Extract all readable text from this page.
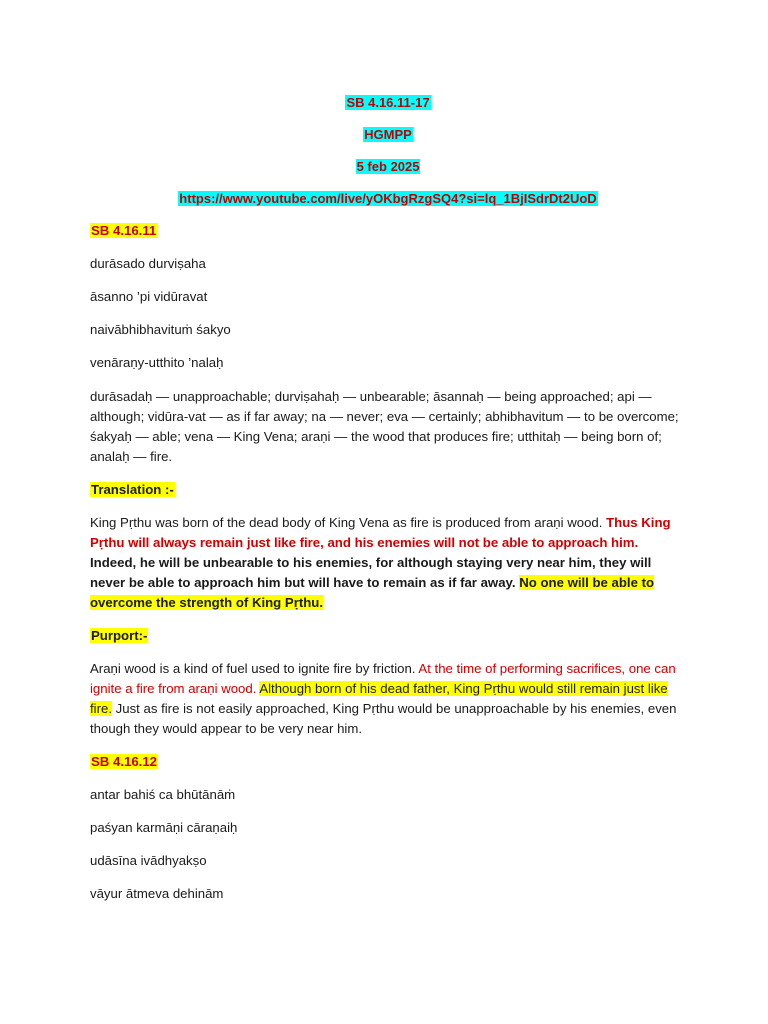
SB 4.16.11-17

HGMPP

5 feb 2025

https://www.youtube.com/live/yOKbgRzgSQ4?si=lq_1BjISdrDt2UoD

SB 4.16.11

durāsado durviṣaha

āsanno ’pi vidūravat

naivābhibhavituṁ śakyo

venāraṇy-utthito ’nalaḥ

durāsadaḥ — unapproachable; durviṣahaḥ — unbearable; āsannaḥ — being approached; api — although; vidūra-vat — as if far away; na — never; eva — certainly; abhibhavitum — to be overcome; śakyaḥ — able; vena — King Vena; araṇi — the wood that produces fire; utthitaḥ — being born of; analaḥ — fire.

Translation :-

King Pṛthu was born of the dead body of King Vena as fire is produced from araṇi wood. Thus King Pṛthu will always remain just like fire, and his enemies will not be able to approach him. Indeed, he will be unbearable to his enemies, for although staying very near him, they will never be able to approach him but will have to remain as if far away. No one will be able to overcome the strength of King Pṛthu.

Purport:-

Araṇi wood is a kind of fuel used to ignite fire by friction. At the time of performing sacrifices, one can ignite a fire from araṇi wood. Although born of his dead father, King Pṛthu would still remain just like fire. Just as fire is not easily approached, King Pṛthu would be unapproachable by his enemies, even though they would appear to be very near him.

SB 4.16.12

antar bahiś ca bhūtānāṁ

paśyan karmāṇi cāraṇaiḥ

udāsīna ivādhyakṣo

vāyur ātmeva dehinām
